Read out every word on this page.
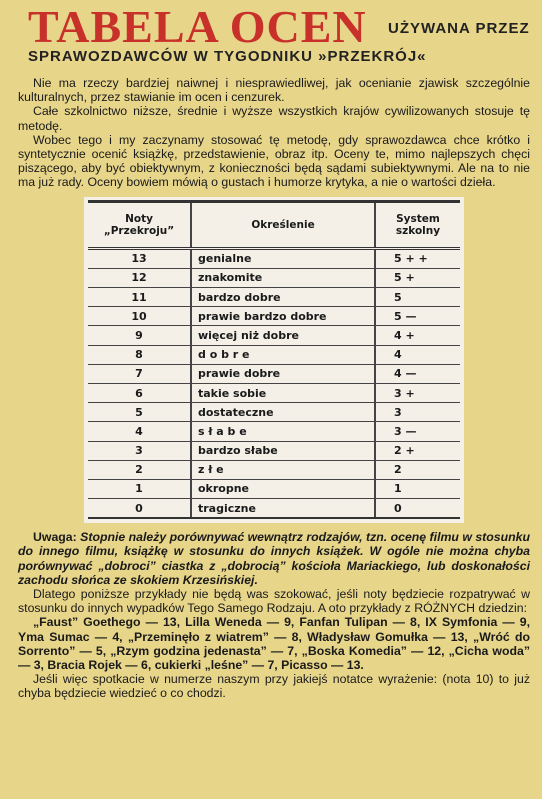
TABELA OCEN UŻYWANA PRZEZ
SPRAWOZDAWCÓW W TYGODNIKU »PRZEKRÓJ«

Nie ma rzeczy bardziej naiwnej i niesprawiedliwej, jak ocenianie zjawisk szczególnie kulturalnych, przez stawianie im ocen i cenzurek.

Całe szkolnictwo niższe, średnie i wyższe wszystkich krajów cywilizowanych stosuje tę metodę.

Wobec tego i my zaczynamy stosować tę metodę, gdy sprawozdawca chce krótko i syntetycznie ocenić książkę, przedstawienie, obraz itp. Oceny te, mimo najlepszych chęci piszącego, aby być obiektywnym, z konieczności będą sądami subiektywnymi. Ale na to nie ma już rady. Oceny bowiem mówią o gustach i humorze krytyka, a nie o wartości dzieła.

Noty „Przekroju”	Określenie	System szkolny
13	genialne	5 + +
12	znakomite	5 +
11	bardzo dobre	5
10	prawie bardzo dobre	5 —
9	więcej niż dobre	4 +
8	d o b r e	4
7	prawie dobre	4 —
6	takie sobie	3 +
5	dostateczne	3
4	s ł a b e	3 —
3	bardzo słabe	2 +
2	z ł e	2
1	okropne	1
0	tragiczne	0

Uwaga: Stopnie należy porównywać wewnątrz rodzajów, tzn. ocenę filmu w stosunku do innego filmu, książkę w stosunku do innych książek. W ogóle nie można chyba porównywać „dobroci” ciastka z „dobrocią” kościoła Mariackiego, lub doskonałości zachodu słońca ze skokiem Krzesińskiej.

Dlatego poniższe przykłady nie będą was szokować, jeśli noty będziecie rozpatrywać w stosunku do innych wypadków Tego Samego Rodzaju. A oto przykłady z RÓŻNYCH dziedzin:

„Faust” Goethego — 13, Lilla Weneda — 9, Fanfan Tulipan — 8, IX Symfonia — 9, Yma Sumac — 4, „Przeminęło z wiatrem” — 8, Władysław Gomułka — 13, „Wróć do Sorrento” — 5, „Rzym godzina jedenasta” — 7, „Boska Komedia” — 12, „Cicha woda” — 3, Bracia Rojek — 6, cukierki „leśne” — 7, Picasso — 13.

Jeśli więc spotkacie w numerze naszym przy jakiejś notatce wyrażenie: (nota 10) to już chyba będziecie wiedzieć o co chodzi.
